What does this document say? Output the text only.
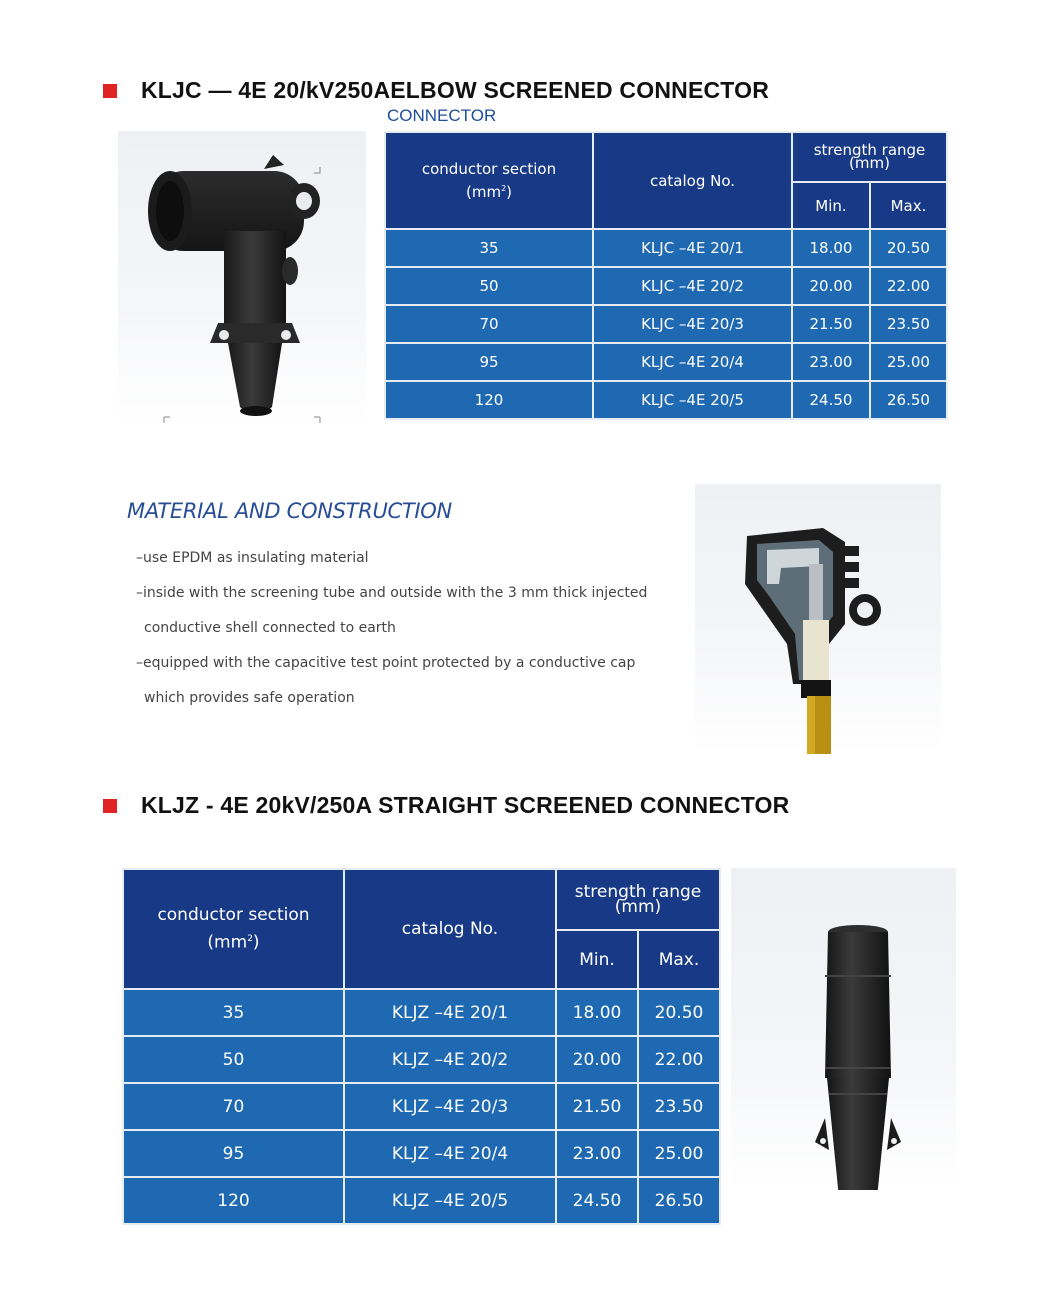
KLJC — 4E 20/kV250AELBOW SCREENED CONNECTOR
CONNECTOR
conductor section
$(mm^2)$	catalog No.	strength range
(mm)	
		Min.	Max.
35	KLJC –4E 20/1	18.00	20.50
50	KLJC –4E 20/2	20.00	22.00
70	KLJC –4E 20/3	21.50	23.50
95	KLJC –4E 20/4	23.00	25.00
120	KLJC –4E 20/5	24.50	26.50
MATERIAL AND CONSTRUCTION
–use EPDM as insulating material
–inside with the screening tube and outside with the 3 mm thick injected
conductive shell connected to earth
–equipped with the capacitive test point protected by a conductive cap
which provides safe operation
KLJZ - 4E 20kV/250A STRAIGHT SCREENED CONNECTOR
conductor section
$(mm^2)$	catalog No.	strength range
(mm)	
		Min.	Max.
35	KLJZ –4E 20/1	18.00	20.50
50	KLJZ –4E 20/2	20.00	22.00
70	KLJZ –4E 20/3	21.50	23.50
95	KLJZ –4E 20/4	23.00	25.00
120	KLJZ –4E 20/5	24.50	26.50
